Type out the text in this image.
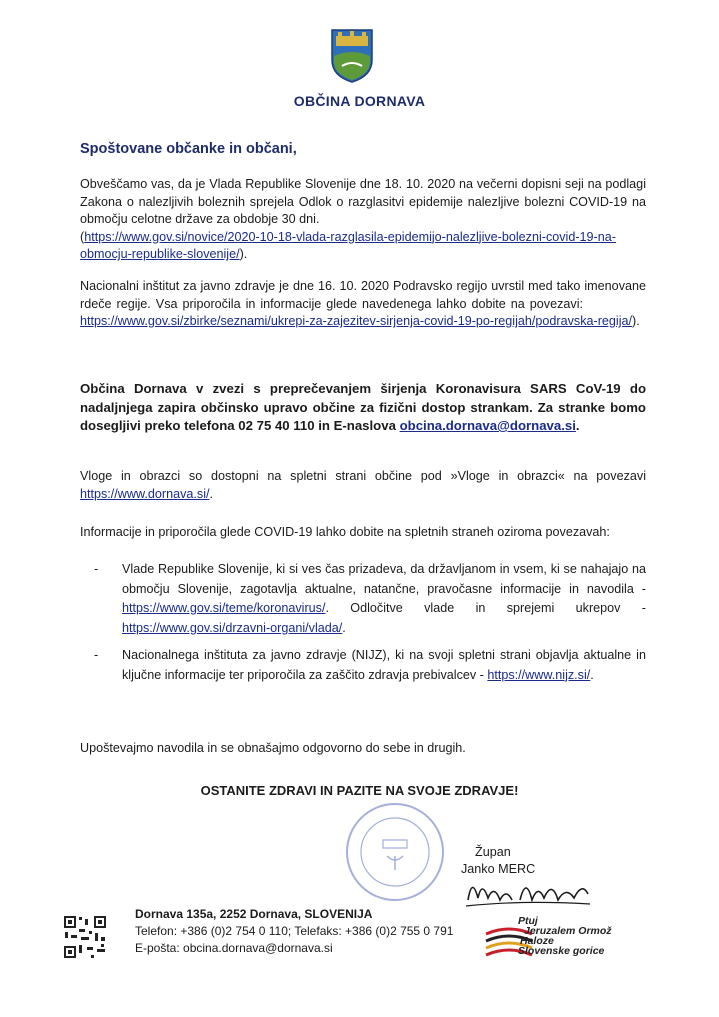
OBČINA DORNAVA
Spoštovane občanke in občani,
Obveščamo vas, da je Vlada Republike Slovenije dne 18. 10. 2020 na večerni dopisni seji na podlagi Zakona o nalezljivih boleznih sprejela Odlok o razglasitvi epidemije nalezljive bolezni COVID-19 na območju celotne države za obdobje 30 dni.
(https://www.gov.si/novice/2020-10-18-vlada-razglasila-epidemijo-nalezljive-bolezni-covid-19-na-obmocju-republike-slovenije/).
Nacionalni inštitut za javno zdravje je dne 16. 10. 2020 Podravsko regijo uvrstil med tako imenovane rdeče regije. Vsa priporočila in informacije glede navedenega lahko dobite na povezavi:  https://www.gov.si/zbirke/seznami/ukrepi-za-zajezitev-sirjenja-covid-19-po-regijah/podravska-regija/).
Občina Dornava v zvezi s preprečevanjem širjenja Koronavisura SARS CoV-19 do nadaljnjega zapira občinsko upravo občine za fizični dostop strankam. Za stranke bomo dosegljivi preko telefona 02 75 40 110 in E-naslova obcina.dornava@dornava.si.
Vloge in obrazci so dostopni na spletni strani občine pod »Vloge in obrazci« na povezavi https://www.dornava.si/.
Informacije in priporočila glede COVID-19 lahko dobite na spletnih straneh oziroma povezavah:
- Vlade Republike Slovenije, ki si ves čas prizadeva, da državljanom in vsem, ki se nahajajo na območju Slovenije, zagotavlja aktualne, natančne, pravočasne informacije in navodila - https://www.gov.si/teme/koronavirus/. Odločitve vlade in sprejemi ukrepov - https://www.gov.si/drzavni-organi/vlada/.
- Nacionalnega inštituta za javno zdravje (NIJZ), ki na svoji spletni strani objavlja aktualne in ključne informacije ter priporočila za zaščito zdravja prebivalcev - https://www.nijz.si/.
Upoštevajmo navodila in se obnašajmo odgovorno do sebe in drugih.
OSTANITE ZDRAVI IN PAZITE NA SVOJE ZDRAVJE!
Župan
Janko MERC
Dornava 135a, 2252 Dornava, SLOVENIJA
Telefon: +386 (0)2 754 0 110; Telefaks: +386 (0)2 755 0 791
E-pošta: obcina.dornava@dornava.si
Ptuj
Jeruzalem Ormož
Haloze
Slovenske gorice
